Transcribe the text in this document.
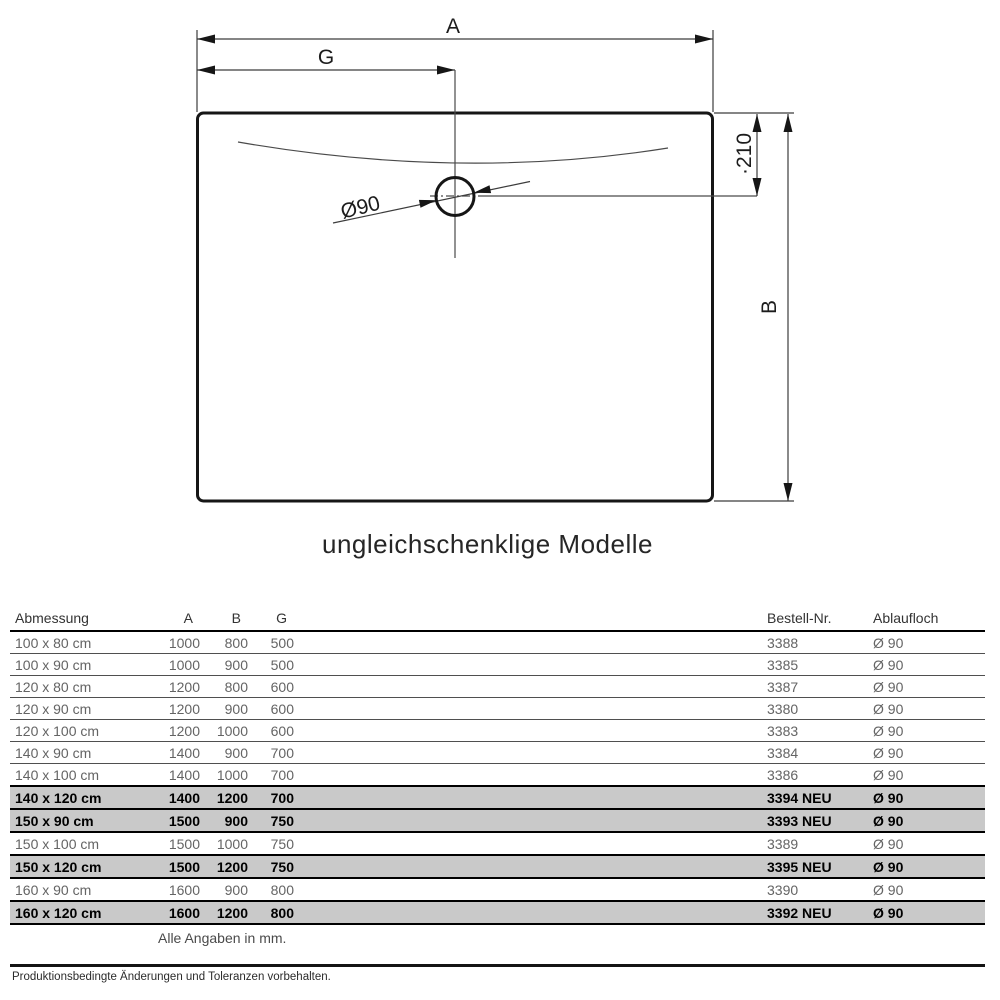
A
G
Ø90
·210
B
ungleichschenklige Modelle
Abmessung	A	B	G		Bestell-Nr.	Ablaufloch
100 x 80 cm	1000	800	500		3388	Ø 90
100 x 90 cm	1000	900	500		3385	Ø 90
120 x 80 cm	1200	800	600		3387	Ø 90
120 x 90 cm	1200	900	600		3380	Ø 90
120 x 100 cm	1200	1000	600		3383	Ø 90
140 x 90 cm	1400	900	700		3384	Ø 90
140 x 100 cm	1400	1000	700		3386	Ø 90
140 x 120 cm	1400	1200	700		3394 NEU	Ø 90
150 x 90 cm	1500	900	750		3393 NEU	Ø 90
150 x 100 cm	1500	1000	750		3389	Ø 90
150 x 120 cm	1500	1200	750		3395 NEU	Ø 90
160 x 90 cm	1600	900	800		3390	Ø 90
160 x 120 cm	1600	1200	800		3392 NEU	Ø 90
Alle Angaben in mm.
Produktionsbedingte Änderungen und Toleranzen vorbehalten.
